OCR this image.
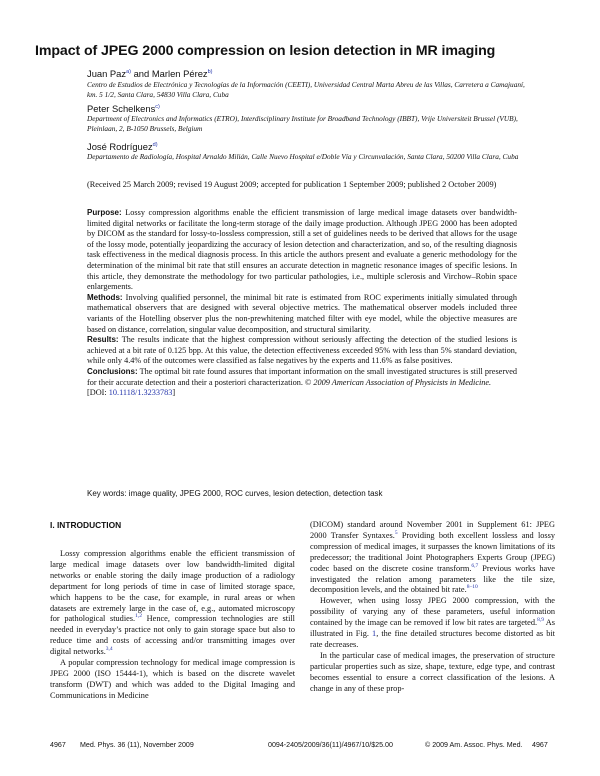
Impact of JPEG 2000 compression on lesion detection in MR imaging
Juan Paz$^{a)}$ and Marlen Pérez$^{b)}$
Centro de Estudios de Electrónica y Tecnologías de la Información (CEETI), Universidad Central Marta Abreu de las Villas, Carretera a Camajuaní, km. 5 1/2, Santa Clara, 54830 Villa Clara, Cuba
Peter Schelkens$^{c)}$
Department of Electronics and Informatics (ETRO), Interdisciplinary Institute for Broadband Technology (IBBT), Vrije Universiteit Brussel (VUB), Pleinlaan, 2, B-1050 Brussels, Belgium
José Rodríguez$^{d)}$
Departamento de Radiología, Hospital Arnaldo Milián, Calle Nuevo Hospital e/Doble Vía y Circunvalación, Santa Clara, 50200 Villa Clara, Cuba
(Received 25 March 2009; revised 19 August 2009; accepted for publication 1 September 2009; published 2 October 2009)

Purpose: Lossy compression algorithms enable the efficient transmission of large medical image datasets over bandwidth-limited digital networks or facilitate the long-term storage of the daily image production. Although JPEG 2000 has been adopted by DICOM as the standard for lossy-to-lossless compression, still a set of guidelines needs to be derived that allows for the usage of the lossy mode, potentially jeopardizing the accuracy of lesion detection and characterization, and so, of the resulting diagnosis task effectiveness in the medical diagnosis process. In this article the authors present and evaluate a generic methodology for the determination of the minimal bit rate that still ensures an accurate detection in magnetic resonance images of specific lesions. In this article, they demonstrate the methodology for two particular pathologies, i.e., multiple sclerosis and Virchow–Robin space enlargements.

Methods: Involving qualified personnel, the minimal bit rate is estimated from ROC experiments initially simulated through mathematical observers that are designed with several objective metrics. The mathematical observer models included three variants of the Hotelling observer plus the non-prewhitening matched filter with eye model, while the objective measures are based on distance, correlation, singular value decomposition, and structural similarity.

Results: The results indicate that the highest compression without seriously affecting the detection of the studied lesions is achieved at a bit rate of 0.125 bpp. At this value, the detection effectiveness exceeded 95% with less than 5% standard deviation, while only 4.4% of the outcomes were classified as false negatives by the experts and 11.6% as false positives.

Conclusions: The optimal bit rate found assures that important information on the small investigated structures is still preserved for their accurate detection and their a posteriori characterization. © 2009 American Association of Physicists in Medicine.

[DOI: 10.1118/1.3233783]

Key words: image quality, JPEG 2000, ROC curves, lesion detection, detection task
I. INTRODUCTION

Lossy compression algorithms enable the efficient transmission of large medical image datasets over low bandwidth-limited digital networks or enable storing the daily image production of a radiology department for long periods of time in case of limited storage space, which happens to be the case, for example, in rural areas or when datasets are extremely large in the case of, e.g., automated microscopy for pathological studies.$^{1,2}$ Hence, compression technologies are still needed in everyday’s practice not only to gain storage space but also to reduce time and costs of accessing and/or transmitting images over digital networks.$^{3,4}$

A popular compression technology for medical image compression is JPEG 2000 (ISO 15444-1), which is based on the discrete wavelet transform (DWT) and which was added to the Digital Imaging and Communications in Medicine

(DICOM) standard around November 2001 in Supplement 61: JPEG 2000 Transfer Syntaxes.$^5$ Providing both excellent lossless and lossy compression of medical images, it surpasses the known limitations of its predecessor; the traditional Joint Photographers Experts Group (JPEG) codec based on the discrete cosine transform.$^{6,7}$ Previous works have investigated the relation among parameters like the tile size, decomposition levels, and the obtained bit rate.$^{8-10}$

However, when using lossy JPEG 2000 compression, with the possibility of varying any of these parameters, useful information contained by the image can be removed if low bit rates are targeted.$^{8,9}$ As illustrated in Fig. 1, the fine detailed structures become distorted as bit rate decreases.

In the particular case of medical images, the preservation of structure particular properties such as size, shape, texture, edge type, and contrast becomes essential to ensure a correct classification of the lesions. A change in any of these prop-

4967 Med. Phys. 36 (11), November 2009	0094-2405/2009/36(11)/4967/10/$25.00	© 2009 Am. Assoc. Phys. Med. 4967
